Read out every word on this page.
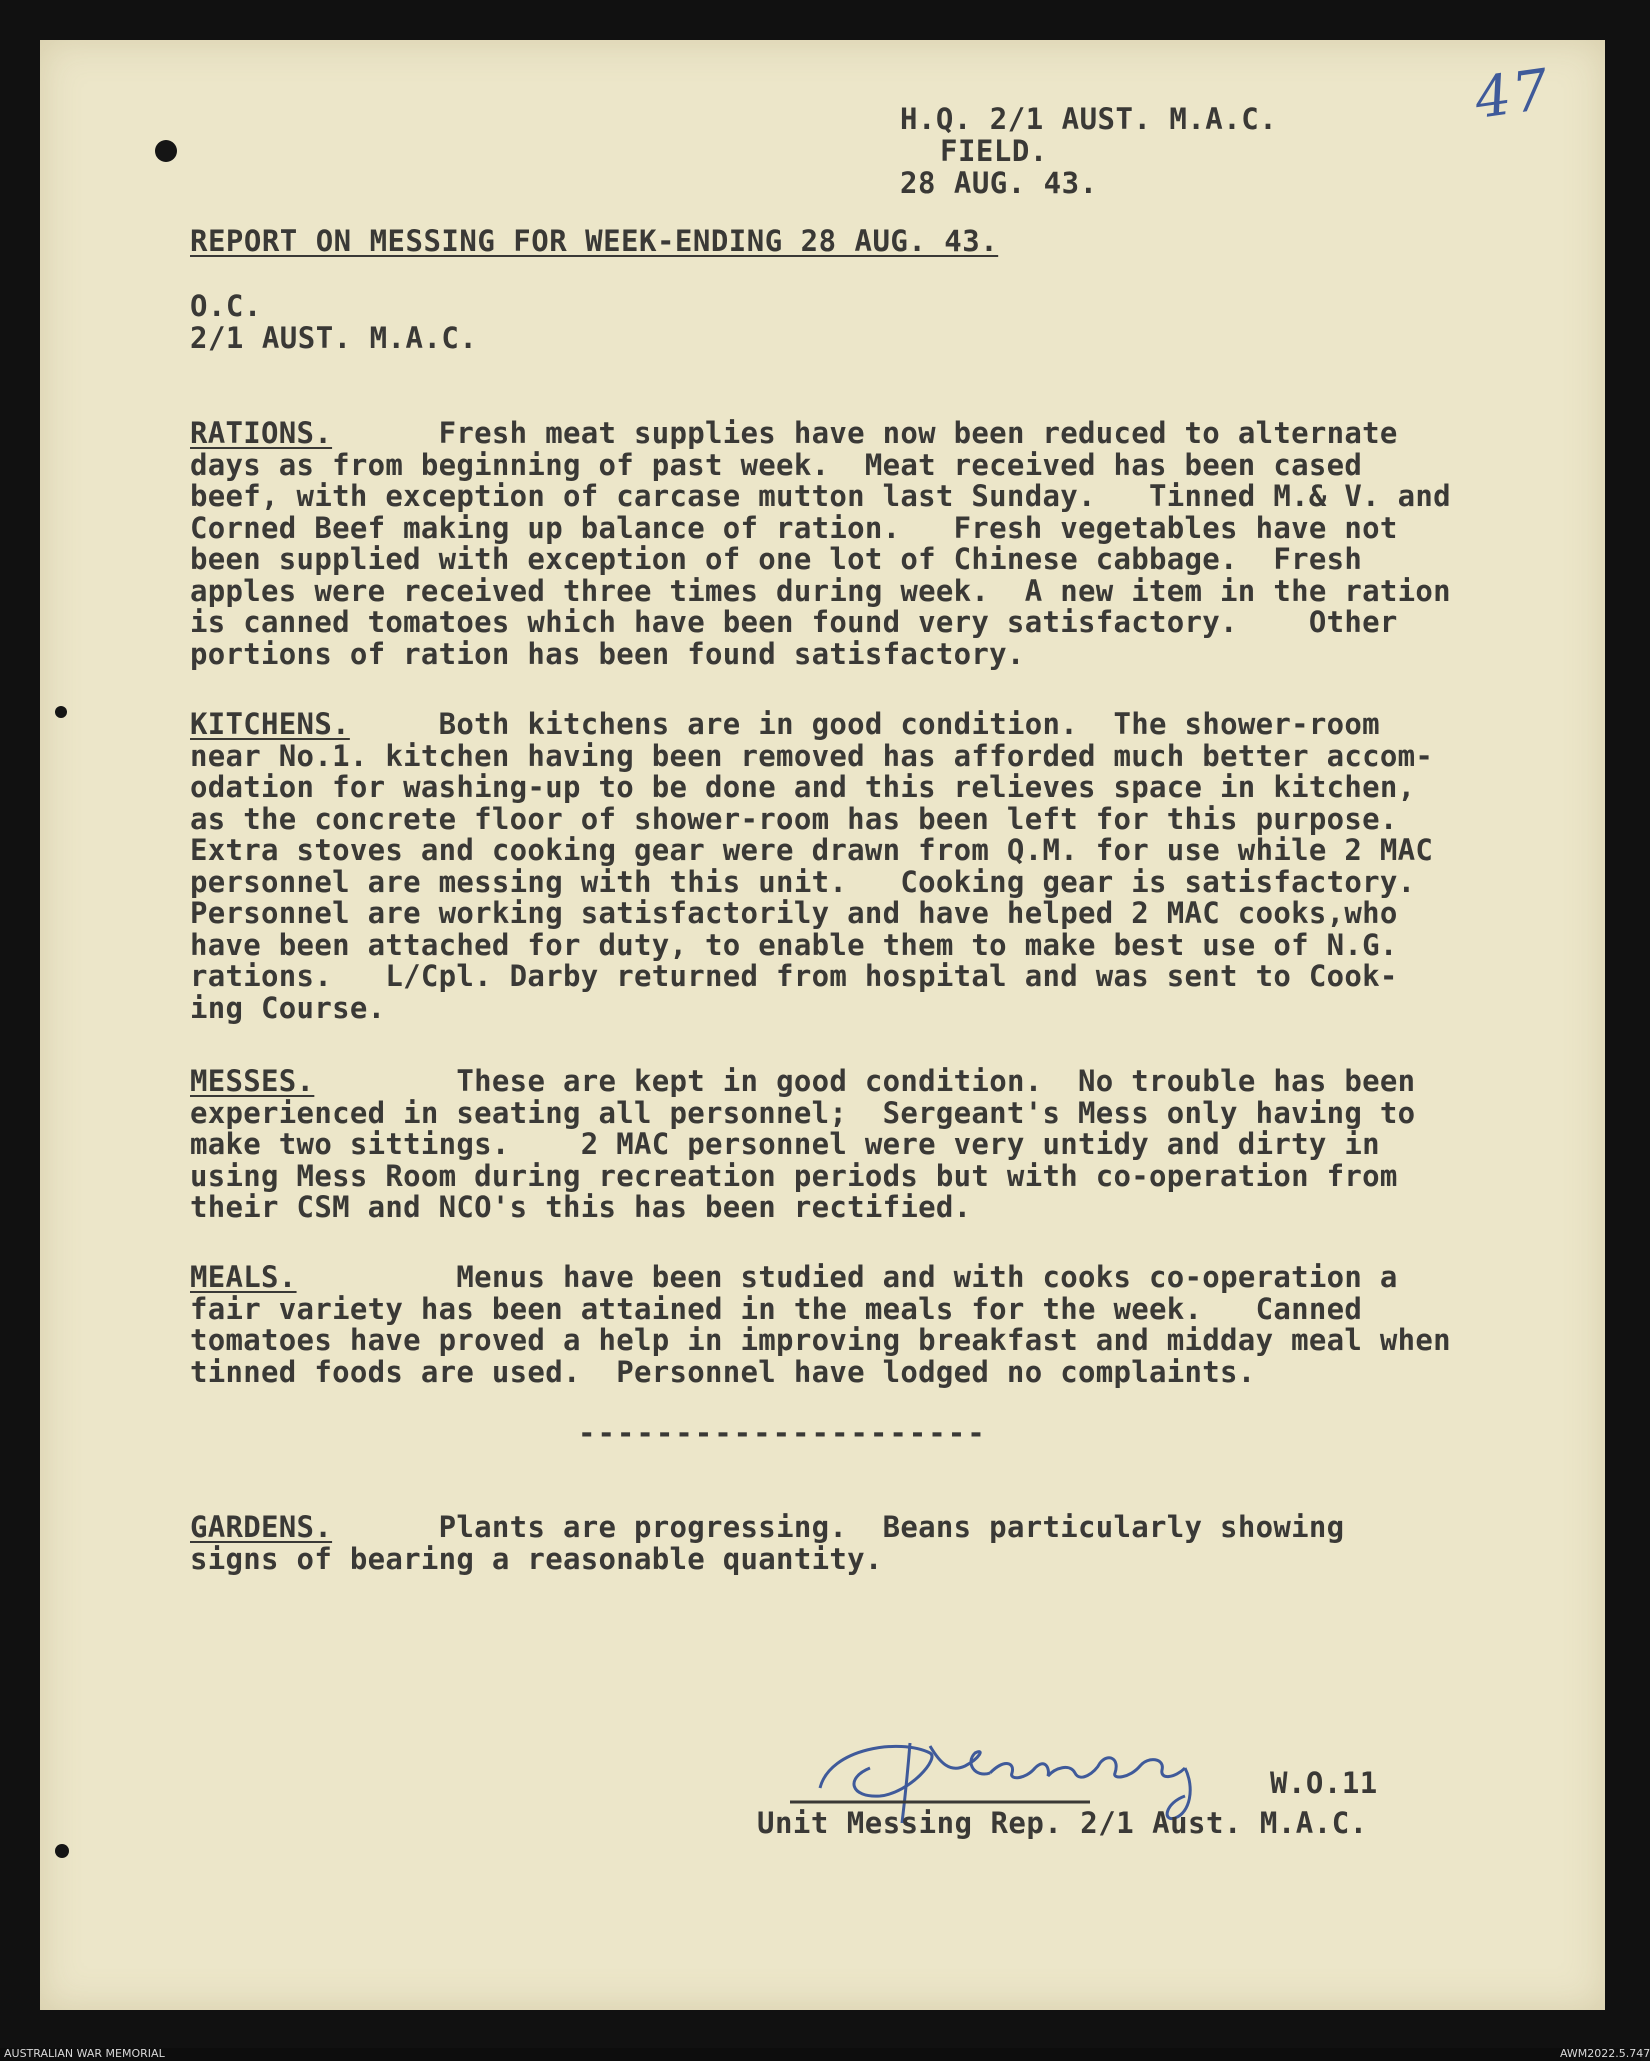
47
H.Q. 2/1 AUST. M.A.C.
FIELD.
28 AUG. 43.
REPORT ON MESSING FOR WEEK-ENDING 28 AUG. 43.
O.C.
2/1 AUST. M.A.C.
RATIONS.	Fresh meat supplies have now been reduced to alternate
days as from beginning of past week.  Meat received has been cased
beef, with exception of carcase mutton last Sunday.   Tinned M.& V. and
Corned Beef making up balance of ration.   Fresh vegetables have not
been supplied with exception of one lot of Chinese cabbage.  Fresh
apples were received three times during week.  A new item in the ration
is canned tomatoes which have been found very satisfactory.    Other
portions of ration has been found satisfactory.
KITCHENS.	Both kitchens are in good condition.  The shower-room
near No.1. kitchen having been removed has afforded much better accom-
odation for washing-up to be done and this relieves space in kitchen,
as the concrete floor of shower-room has been left for this purpose.
Extra stoves and cooking gear were drawn from Q.M. for use while 2 MAC
personnel are messing with this unit.   Cooking gear is satisfactory.
Personnel are working satisfactorily and have helped 2 MAC cooks,who
have been attached for duty, to enable them to make best use of N.G.
rations.   L/Cpl. Darby returned from hospital and was sent to Cook-
ing Course.
MESSES.	These are kept in good condition.  No trouble has been
experienced in seating all personnel;  Sergeant's Mess only having to
make two sittings.    2 MAC personnel were very untidy and dirty in
using Mess Room during recreation periods but with co-operation from
their CSM and NCO's this has been rectified.
MEALS.	Menus have been studied and with cooks co-operation a
fair variety has been attained in the meals for the week.   Canned
tomatoes have proved a help in improving breakfast and midday meal when
tinned foods are used.  Personnel have lodged no complaints.
---------------------
GARDENS.	Plants are progressing.  Beans particularly showing
signs of bearing a reasonable quantity.
W.O.11
Unit Messing Rep. 2/1 Aust. M.A.C.
AUSTRALIAN WAR MEMORIAL	AWM2022.5.747
